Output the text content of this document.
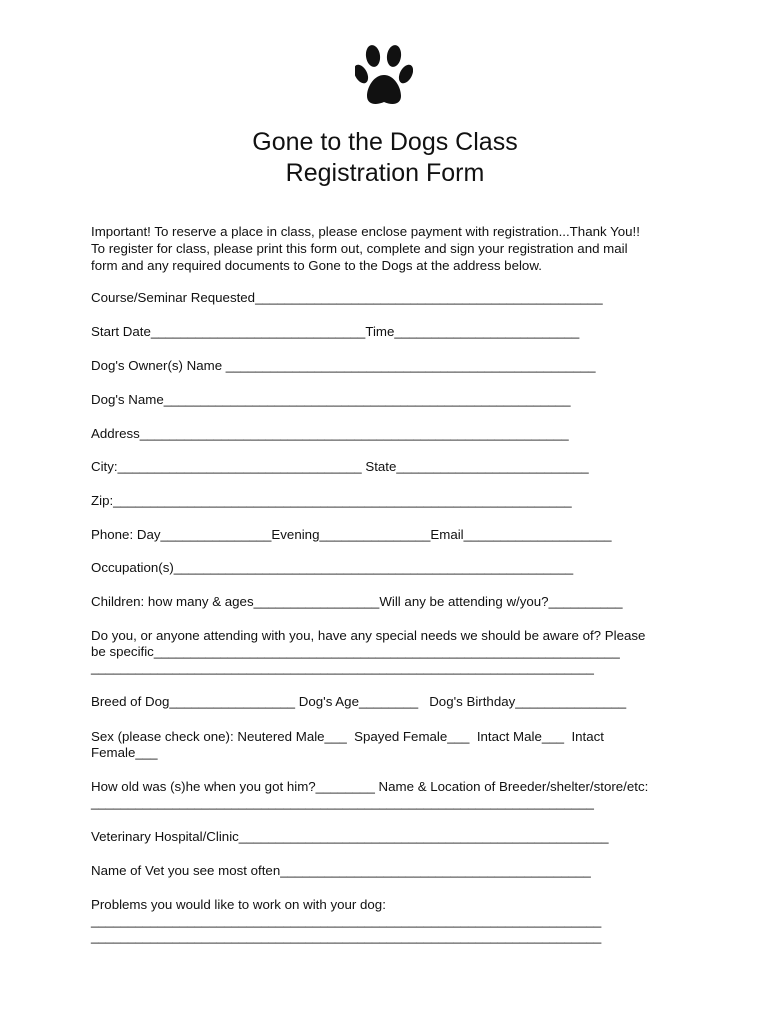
Gone to the Dogs Class
Registration Form
Important! To reserve a place in class, please enclose payment with registration...Thank You!!
To register for class, please print this form out, complete and sign your registration and mail
form and any required documents to Gone to the Dogs at the address below.
Course/Seminar Requested_______________________________________________
Start Date_____________________________Time_________________________
Dog's Owner(s) Name __________________________________________________
Dog's Name_______________________________________________________
Address__________________________________________________________
City:_________________________________ State__________________________
Zip:______________________________________________________________
Phone: Day_______________Evening_______________Email____________________
Occupation(s)______________________________________________________
Children: how many & ages_________________Will any be attending w/you?__________
Do you, or anyone attending with you, have any special needs we should be aware of? Please
be specific_______________________________________________________________
____________________________________________________________________
Breed of Dog_________________ Dog's Age________   Dog's Birthday_______________
Sex (please check one): Neutered Male___  Spayed Female___  Intact Male___  Intact
Female___
How old was (s)he when you got him?________ Name & Location of Breeder/shelter/store/etc:
____________________________________________________________________
Veterinary Hospital/Clinic__________________________________________________
Name of Vet you see most often__________________________________________
Problems you would like to work on with your dog:
_____________________________________________________________________
_____________________________________________________________________
